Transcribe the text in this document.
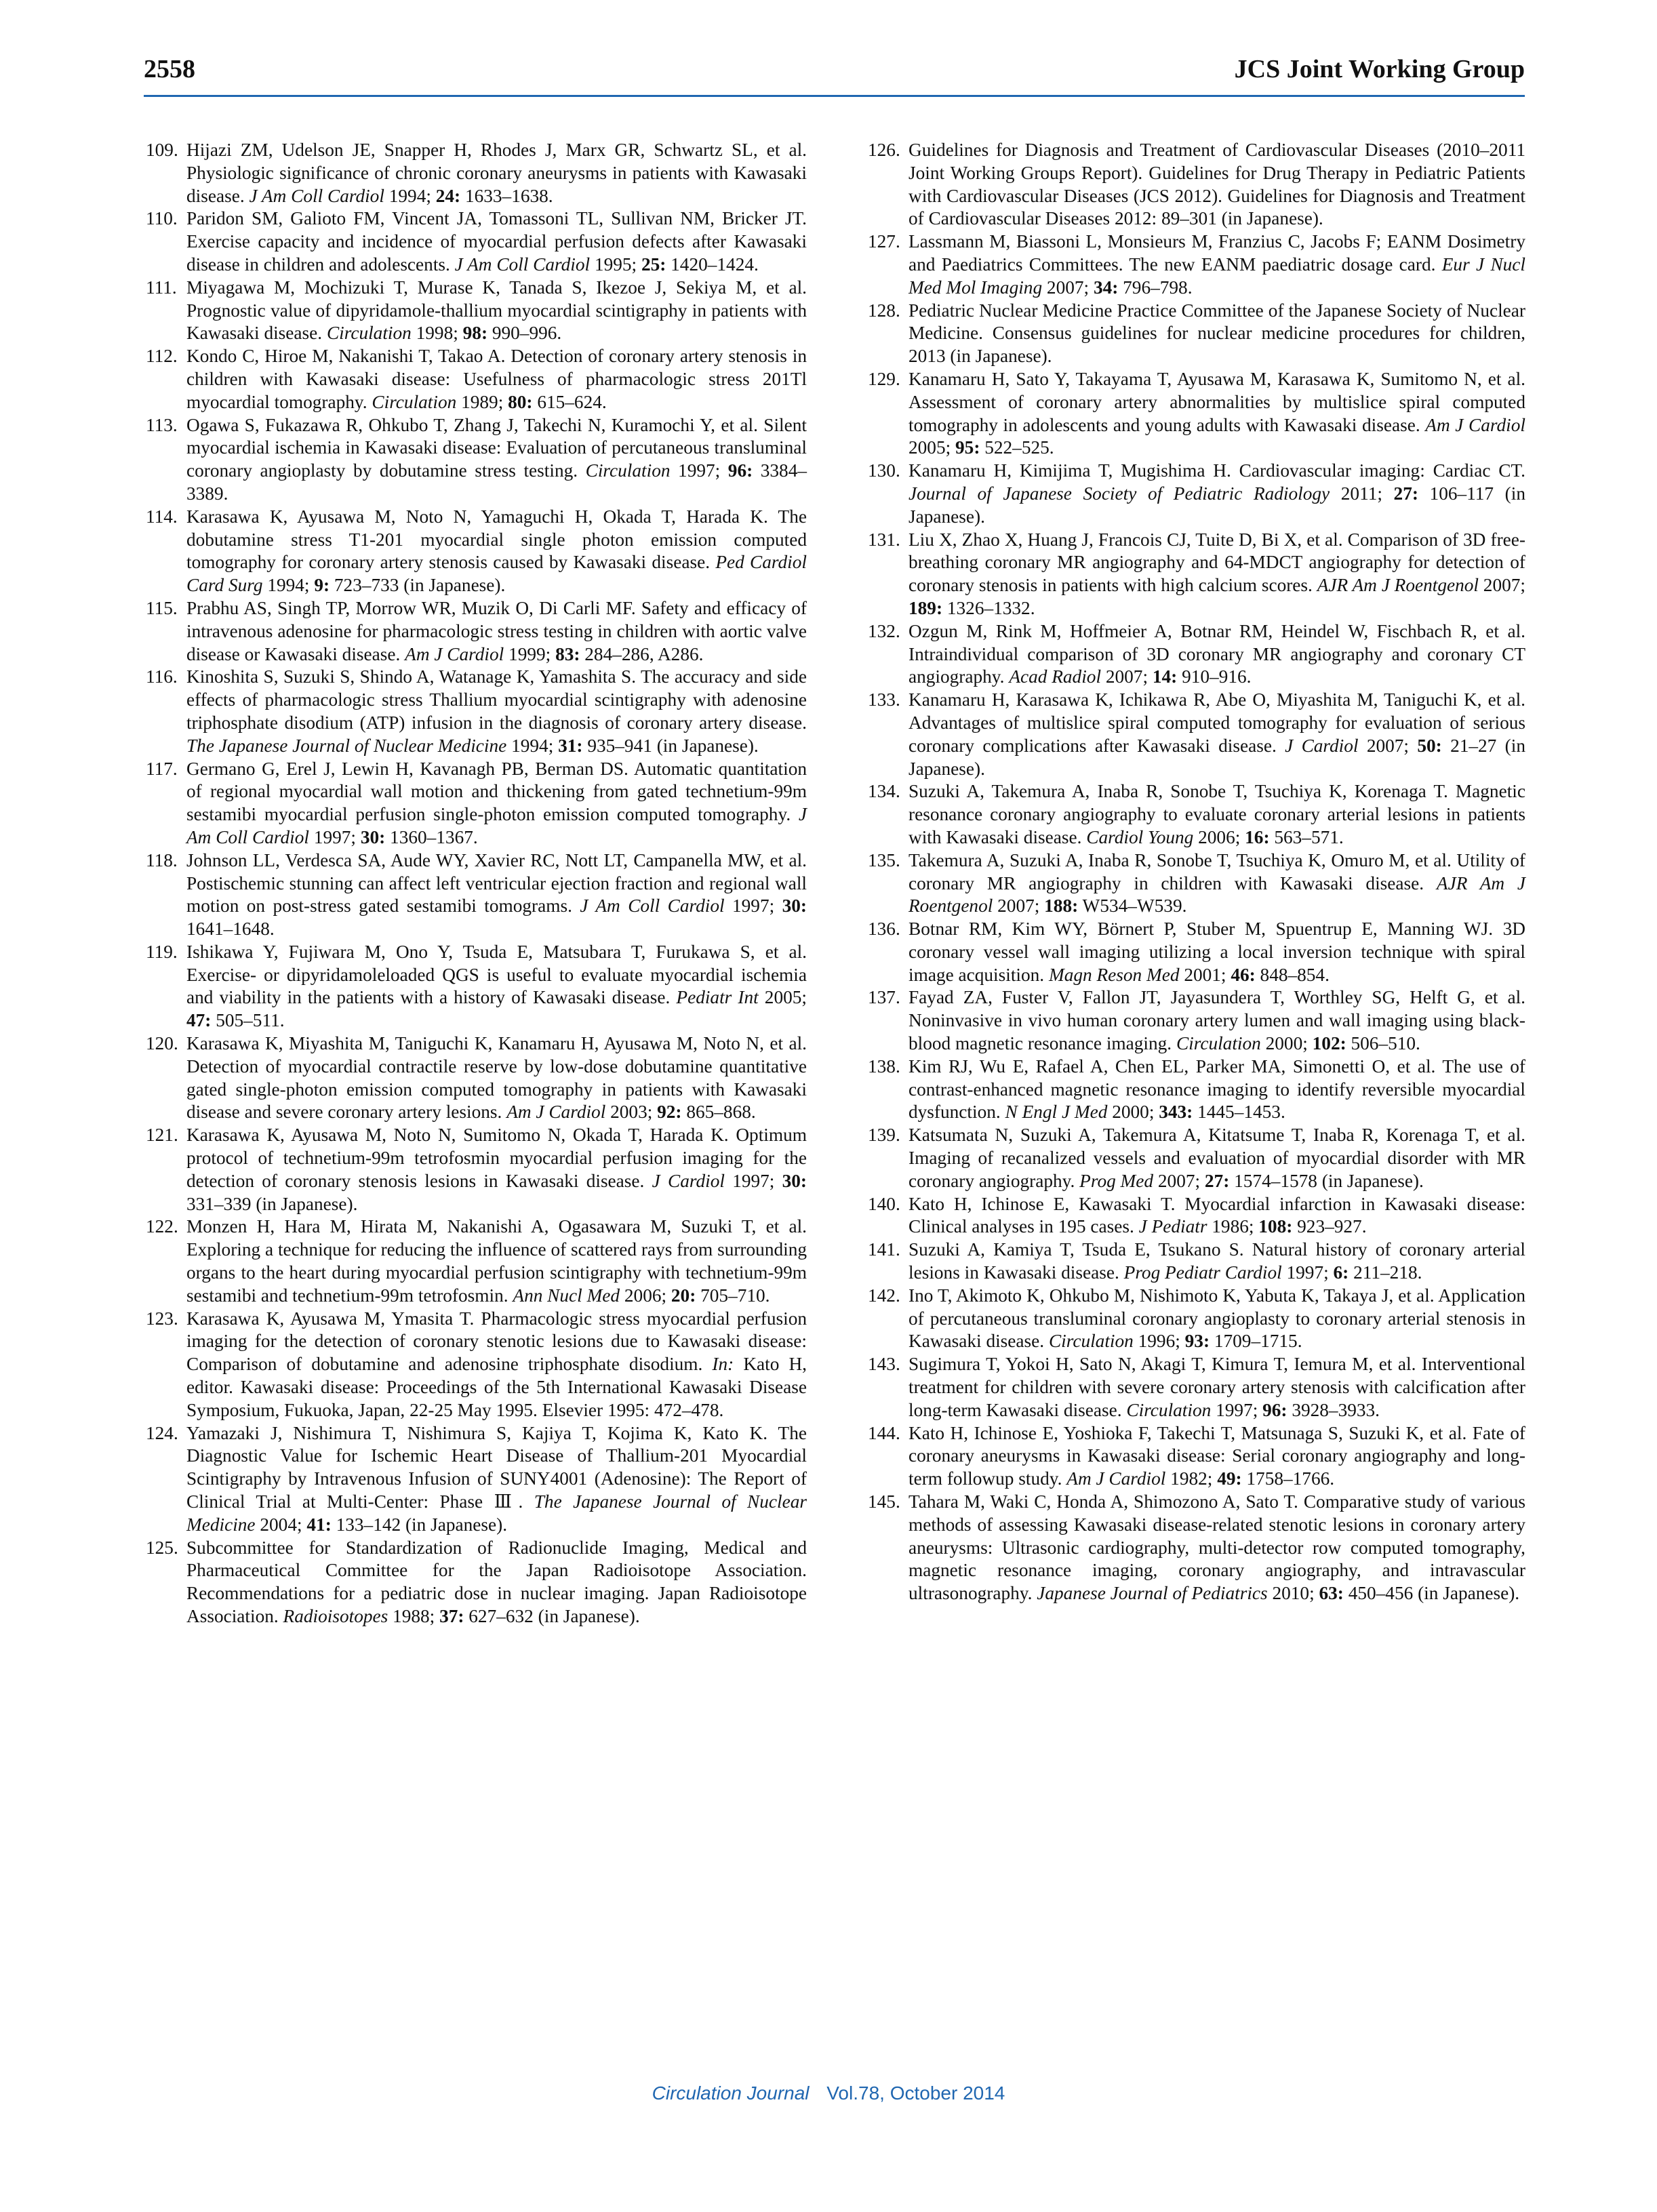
2558	JCS Joint Working Group
109. Hijazi ZM, Udelson JE, Snapper H, Rhodes J, Marx GR, Schwartz SL, et al. Physiologic significance of chronic coronary aneurysms in patients with Kawasaki disease. J Am Coll Cardiol 1994; 24: 1633–1638.
110. Paridon SM, Galioto FM, Vincent JA, Tomassoni TL, Sullivan NM, Bricker JT. Exercise capacity and incidence of myocardial perfusion defects after Kawasaki disease in children and adolescents. J Am Coll Cardiol 1995; 25: 1420–1424.
111. Miyagawa M, Mochizuki T, Murase K, Tanada S, Ikezoe J, Sekiya M, et al. Prognostic value of dipyridamole-thallium myocardial scintigraphy in patients with Kawasaki disease. Circulation 1998; 98: 990–996.
112. Kondo C, Hiroe M, Nakanishi T, Takao A. Detection of coronary artery stenosis in children with Kawasaki disease: Usefulness of pharmacologic stress 201Tl myocardial tomography. Circulation 1989; 80: 615–624.
113. Ogawa S, Fukazawa R, Ohkubo T, Zhang J, Takechi N, Kuramochi Y, et al. Silent myocardial ischemia in Kawasaki disease: Evaluation of percutaneous transluminal coronary angioplasty by dobutamine stress testing. Circulation 1997; 96: 3384–3389.
114. Karasawa K, Ayusawa M, Noto N, Yamaguchi H, Okada T, Harada K. The dobutamine stress T1-201 myocardial single photon emission computed tomography for coronary artery stenosis caused by Kawasaki disease. Ped Cardiol Card Surg 1994; 9: 723–733 (in Japanese).
115. Prabhu AS, Singh TP, Morrow WR, Muzik O, Di Carli MF. Safety and efficacy of intravenous adenosine for pharmacologic stress testing in children with aortic valve disease or Kawasaki disease. Am J Cardiol 1999; 83: 284–286, A286.
116. Kinoshita S, Suzuki S, Shindo A, Watanage K, Yamashita S. The accuracy and side effects of pharmacologic stress Thallium myocardial scintigraphy with adenosine triphosphate disodium (ATP) infusion in the diagnosis of coronary artery disease. The Japanese Journal of Nuclear Medicine 1994; 31: 935–941 (in Japanese).
117. Germano G, Erel J, Lewin H, Kavanagh PB, Berman DS. Automatic quantitation of regional myocardial wall motion and thickening from gated technetium-99m sestamibi myocardial perfusion single-photon emission computed tomography. J Am Coll Cardiol 1997; 30: 1360–1367.
118. Johnson LL, Verdesca SA, Aude WY, Xavier RC, Nott LT, Campanella MW, et al. Postischemic stunning can affect left ventricular ejection fraction and regional wall motion on post-stress gated sestamibi tomograms. J Am Coll Cardiol 1997; 30: 1641–1648.
119. Ishikawa Y, Fujiwara M, Ono Y, Tsuda E, Matsubara T, Furukawa S, et al. Exercise- or dipyridamoleloaded QGS is useful to evaluate myocardial ischemia and viability in the patients with a history of Kawasaki disease. Pediatr Int 2005; 47: 505–511.
120. Karasawa K, Miyashita M, Taniguchi K, Kanamaru H, Ayusawa M, Noto N, et al. Detection of myocardial contractile reserve by low-dose dobutamine quantitative gated single-photon emission computed tomography in patients with Kawasaki disease and severe coronary artery lesions. Am J Cardiol 2003; 92: 865–868.
121. Karasawa K, Ayusawa M, Noto N, Sumitomo N, Okada T, Harada K. Optimum protocol of technetium-99m tetrofosmin myocardial perfusion imaging for the detection of coronary stenosis lesions in Kawasaki disease. J Cardiol 1997; 30: 331–339 (in Japanese).
122. Monzen H, Hara M, Hirata M, Nakanishi A, Ogasawara M, Suzuki T, et al. Exploring a technique for reducing the influence of scattered rays from surrounding organs to the heart during myocardial perfusion scintigraphy with technetium-99m sestamibi and technetium-99m tetrofosmin. Ann Nucl Med 2006; 20: 705–710.
123. Karasawa K, Ayusawa M, Ymasita T. Pharmacologic stress myocardial perfusion imaging for the detection of coronary stenotic lesions due to Kawasaki disease: Comparison of dobutamine and adenosine triphosphate disodium. In: Kato H, editor. Kawasaki disease: Proceedings of the 5th International Kawasaki Disease Symposium, Fukuoka, Japan, 22-25 May 1995. Elsevier 1995: 472–478.
124. Yamazaki J, Nishimura T, Nishimura S, Kajiya T, Kojima K, Kato K. The Diagnostic Value for Ischemic Heart Disease of Thallium-201 Myocardial Scintigraphy by Intravenous Infusion of SUNY4001 (Adenosine): The Report of Clinical Trial at Multi-Center: Phase Ⅲ. The Japanese Journal of Nuclear Medicine 2004; 41: 133–142 (in Japanese).
125. Subcommittee for Standardization of Radionuclide Imaging, Medical and Pharmaceutical Committee for the Japan Radioisotope Association. Recommendations for a pediatric dose in nuclear imaging. Japan Radioisotope Association. Radioisotopes 1988; 37: 627–632 (in Japanese).
126. Guidelines for Diagnosis and Treatment of Cardiovascular Diseases (2010–2011 Joint Working Groups Report). Guidelines for Drug Therapy in Pediatric Patients with Cardiovascular Diseases (JCS 2012). Guidelines for Diagnosis and Treatment of Cardiovascular Diseases 2012: 89–301 (in Japanese).
127. Lassmann M, Biassoni L, Monsieurs M, Franzius C, Jacobs F; EANM Dosimetry and Paediatrics Committees. The new EANM paediatric dosage card. Eur J Nucl Med Mol Imaging 2007; 34: 796–798.
128. Pediatric Nuclear Medicine Practice Committee of the Japanese Society of Nuclear Medicine. Consensus guidelines for nuclear medicine procedures for children, 2013 (in Japanese).
129. Kanamaru H, Sato Y, Takayama T, Ayusawa M, Karasawa K, Sumitomo N, et al. Assessment of coronary artery abnormalities by multislice spiral computed tomography in adolescents and young adults with Kawasaki disease. Am J Cardiol 2005; 95: 522–525.
130. Kanamaru H, Kimijima T, Mugishima H. Cardiovascular imaging: Cardiac CT. Journal of Japanese Society of Pediatric Radiology 2011; 27: 106–117 (in Japanese).
131. Liu X, Zhao X, Huang J, Francois CJ, Tuite D, Bi X, et al. Comparison of 3D free-breathing coronary MR angiography and 64-MDCT angiography for detection of coronary stenosis in patients with high calcium scores. AJR Am J Roentgenol 2007; 189: 1326–1332.
132. Ozgun M, Rink M, Hoffmeier A, Botnar RM, Heindel W, Fischbach R, et al. Intraindividual comparison of 3D coronary MR angiography and coronary CT angiography. Acad Radiol 2007; 14: 910–916.
133. Kanamaru H, Karasawa K, Ichikawa R, Abe O, Miyashita M, Taniguchi K, et al. Advantages of multislice spiral computed tomography for evaluation of serious coronary complications after Kawasaki disease. J Cardiol 2007; 50: 21–27 (in Japanese).
134. Suzuki A, Takemura A, Inaba R, Sonobe T, Tsuchiya K, Korenaga T. Magnetic resonance coronary angiography to evaluate coronary arterial lesions in patients with Kawasaki disease. Cardiol Young 2006; 16: 563–571.
135. Takemura A, Suzuki A, Inaba R, Sonobe T, Tsuchiya K, Omuro M, et al. Utility of coronary MR angiography in children with Kawasaki disease. AJR Am J Roentgenol 2007; 188: W534–W539.
136. Botnar RM, Kim WY, Börnert P, Stuber M, Spuentrup E, Manning WJ. 3D coronary vessel wall imaging utilizing a local inversion technique with spiral image acquisition. Magn Reson Med 2001; 46: 848–854.
137. Fayad ZA, Fuster V, Fallon JT, Jayasundera T, Worthley SG, Helft G, et al. Noninvasive in vivo human coronary artery lumen and wall imaging using black-blood magnetic resonance imaging. Circulation 2000; 102: 506–510.
138. Kim RJ, Wu E, Rafael A, Chen EL, Parker MA, Simonetti O, et al. The use of contrast-enhanced magnetic resonance imaging to identify reversible myocardial dysfunction. N Engl J Med 2000; 343: 1445–1453.
139. Katsumata N, Suzuki A, Takemura A, Kitatsume T, Inaba R, Korenaga T, et al. Imaging of recanalized vessels and evaluation of myocardial disorder with MR coronary angiography. Prog Med 2007; 27: 1574–1578 (in Japanese).
140. Kato H, Ichinose E, Kawasaki T. Myocardial infarction in Kawasaki disease: Clinical analyses in 195 cases. J Pediatr 1986; 108: 923–927.
141. Suzuki A, Kamiya T, Tsuda E, Tsukano S. Natural history of coronary arterial lesions in Kawasaki disease. Prog Pediatr Cardiol 1997; 6: 211–218.
142. Ino T, Akimoto K, Ohkubo M, Nishimoto K, Yabuta K, Takaya J, et al. Application of percutaneous transluminal coronary angioplasty to coronary arterial stenosis in Kawasaki disease. Circulation 1996; 93: 1709–1715.
143. Sugimura T, Yokoi H, Sato N, Akagi T, Kimura T, Iemura M, et al. Interventional treatment for children with severe coronary artery stenosis with calcification after long-term Kawasaki disease. Circulation 1997; 96: 3928–3933.
144. Kato H, Ichinose E, Yoshioka F, Takechi T, Matsunaga S, Suzuki K, et al. Fate of coronary aneurysms in Kawasaki disease: Serial coronary angiography and long-term followup study. Am J Cardiol 1982; 49: 1758–1766.
145. Tahara M, Waki C, Honda A, Shimozono A, Sato T. Comparative study of various methods of assessing Kawasaki disease-related stenotic lesions in coronary artery aneurysms: Ultrasonic cardiography, multi-detector row computed tomography, magnetic resonance imaging, coronary angiography, and intravascular ultrasonography. Japanese Journal of Pediatrics 2010; 63: 450–456 (in Japanese).
Circulation Journal Vol.78, October 2014
